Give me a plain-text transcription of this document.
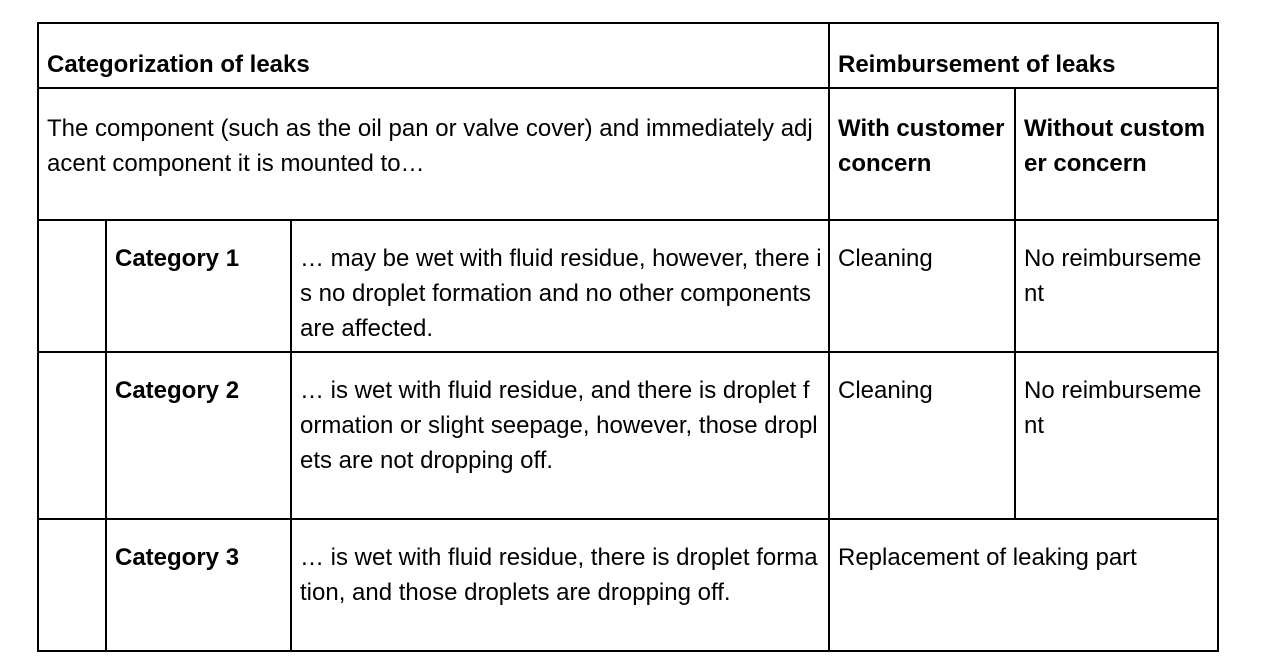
Categorization of leaks			Reimbursement of leaks	
The component (such as the oil pan or valve cover) and immediately adjacent component it is mounted to…			With customer concern	Without customer concern
	Category 1	… may be wet with fluid residue, however, there is no droplet formation and no other components are affected.	Cleaning	No reimbursement
	Category 2	… is wet with fluid residue, and there is droplet formation or slight seepage, however, those droplets are not dropping off.	Cleaning	No reimbursement
	Category 3	… is wet with fluid residue, there is droplet formation, and those droplets are dropping off.	Replacement of leaking part	
